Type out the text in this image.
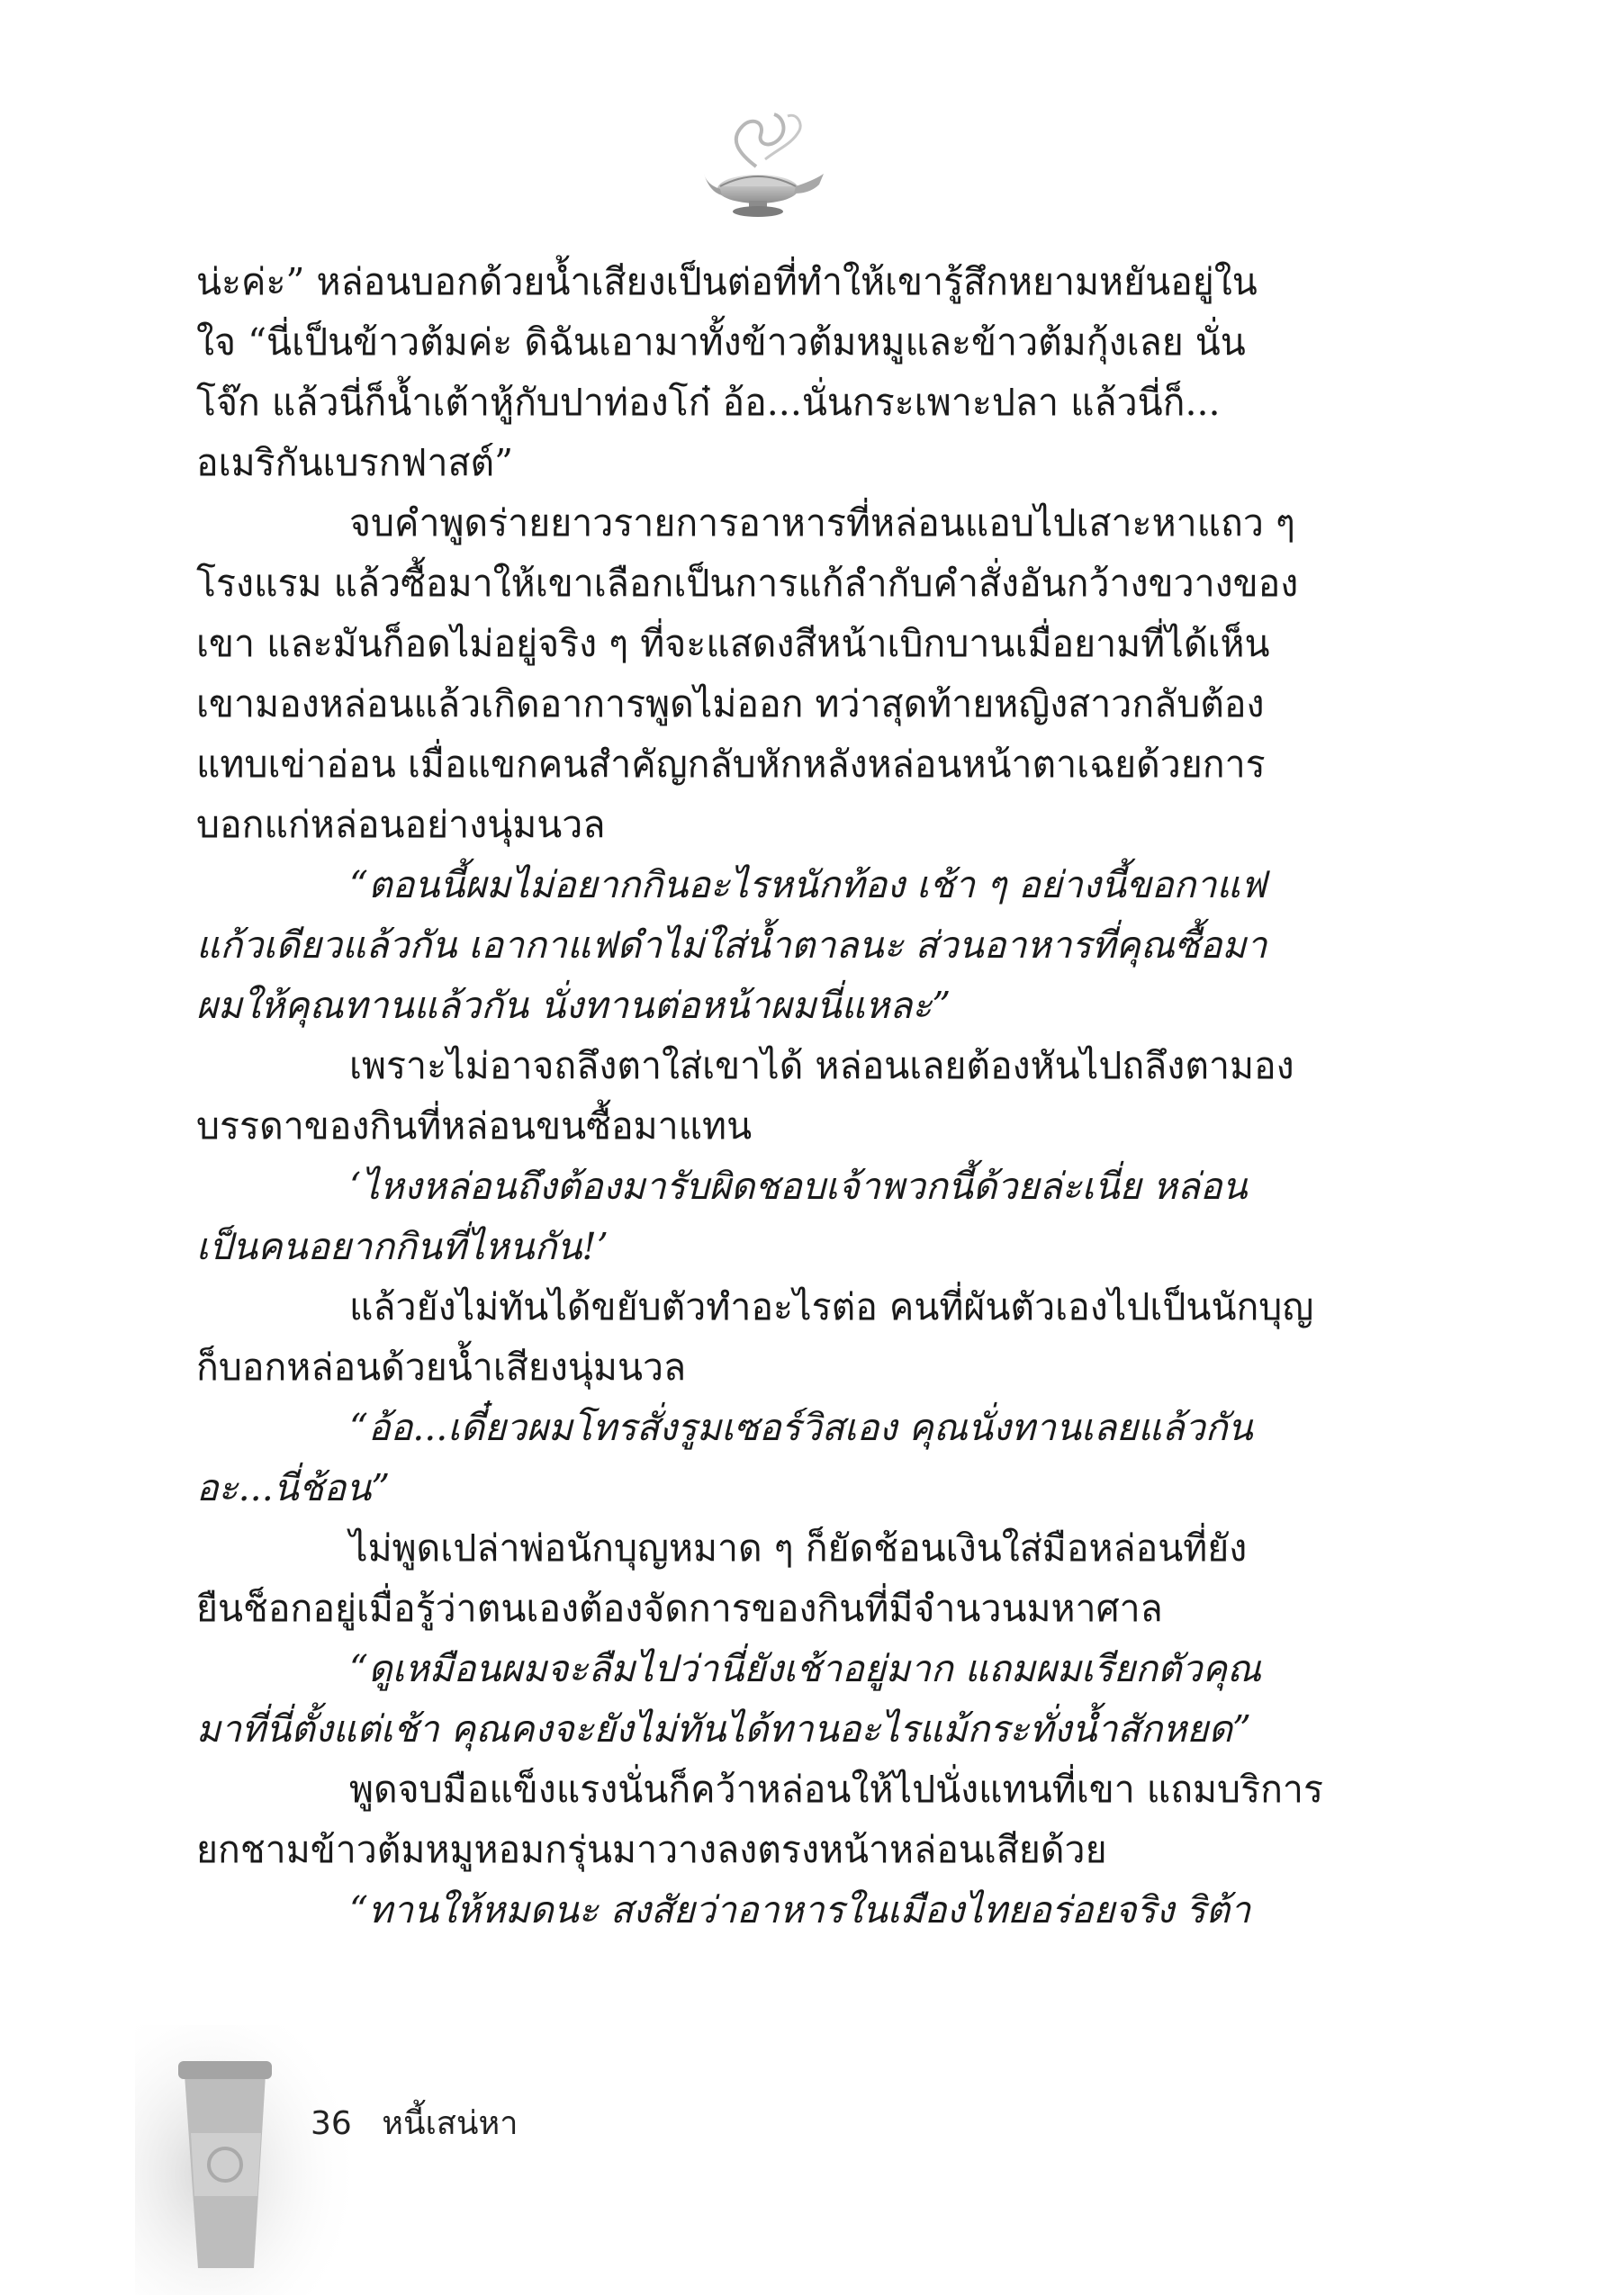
น่ะค่ะ” หล่อนบอกด้วยน้ำเสียงเป็นต่อที่ทำให้เขารู้สึกหยามหยันอยู่ใน
ใจ “นี่เป็นข้าวต้มค่ะ ดิฉันเอามาทั้งข้าวต้มหมูและข้าวต้มกุ้งเลย นั่น
โจ๊ก แล้วนี่ก็น้ำเต้าหู้กับปาท่องโก๋ อ้อ...นั่นกระเพาะปลา แล้วนี่ก็...
อเมริกันเบรกฟาสต์”
จบคำพูดร่ายยาวรายการอาหารที่หล่อนแอบไปเสาะหาแถว ๆ
โรงแรม แล้วซื้อมาให้เขาเลือกเป็นการแก้ลำกับคำสั่งอันกว้างขวางของ
เขา และมันก็อดไม่อยู่จริง ๆ ที่จะแสดงสีหน้าเบิกบานเมื่อยามที่ได้เห็น
เขามองหล่อนแล้วเกิดอาการพูดไม่ออก ทว่าสุดท้ายหญิงสาวกลับต้อง
แทบเข่าอ่อน เมื่อแขกคนสำคัญกลับหักหลังหล่อนหน้าตาเฉยด้วยการ
บอกแก่หล่อนอย่างนุ่มนวล
“ตอนนี้ผมไม่อยากกินอะไรหนักท้อง เช้า ๆ อย่างนี้ขอกาแฟ
แก้วเดียวแล้วกัน เอากาแฟดำไม่ใส่น้ำตาลนะ ส่วนอาหารที่คุณซื้อมา
ผมให้คุณทานแล้วกัน นั่งทานต่อหน้าผมนี่แหละ”
เพราะไม่อาจถลึงตาใส่เขาได้ หล่อนเลยต้องหันไปถลึงตามอง
บรรดาของกินที่หล่อนขนซื้อมาแทน
‘ไหงหล่อนถึงต้องมารับผิดชอบเจ้าพวกนี้ด้วยล่ะเนี่ย หล่อน
เป็นคนอยากกินที่ไหนกัน!’
แล้วยังไม่ทันได้ขยับตัวทำอะไรต่อ คนที่ผันตัวเองไปเป็นนักบุญ
ก็บอกหล่อนด้วยน้ำเสียงนุ่มนวล
“อ้อ...เดี๋ยวผมโทรสั่งรูมเซอร์วิสเอง คุณนั่งทานเลยแล้วกัน
อะ...นี่ช้อน”
ไม่พูดเปล่าพ่อนักบุญหมาด ๆ ก็ยัดช้อนเงินใส่มือหล่อนที่ยัง
ยืนช็อกอยู่เมื่อรู้ว่าตนเองต้องจัดการของกินที่มีจำนวนมหาศาล
“ดูเหมือนผมจะลืมไปว่านี่ยังเช้าอยู่มาก แถมผมเรียกตัวคุณ
มาที่นี่ตั้งแต่เช้า คุณคงจะยังไม่ทันได้ทานอะไรแม้กระทั่งน้ำสักหยด”
พูดจบมือแข็งแรงนั่นก็คว้าหล่อนให้ไปนั่งแทนที่เขา แถมบริการ
ยกชามข้าวต้มหมูหอมกรุ่นมาวางลงตรงหน้าหล่อนเสียด้วย
“ทานให้หมดนะ สงสัยว่าอาหารในเมืองไทยอร่อยจริง ริต้า
36 หนี้เสน่หา
